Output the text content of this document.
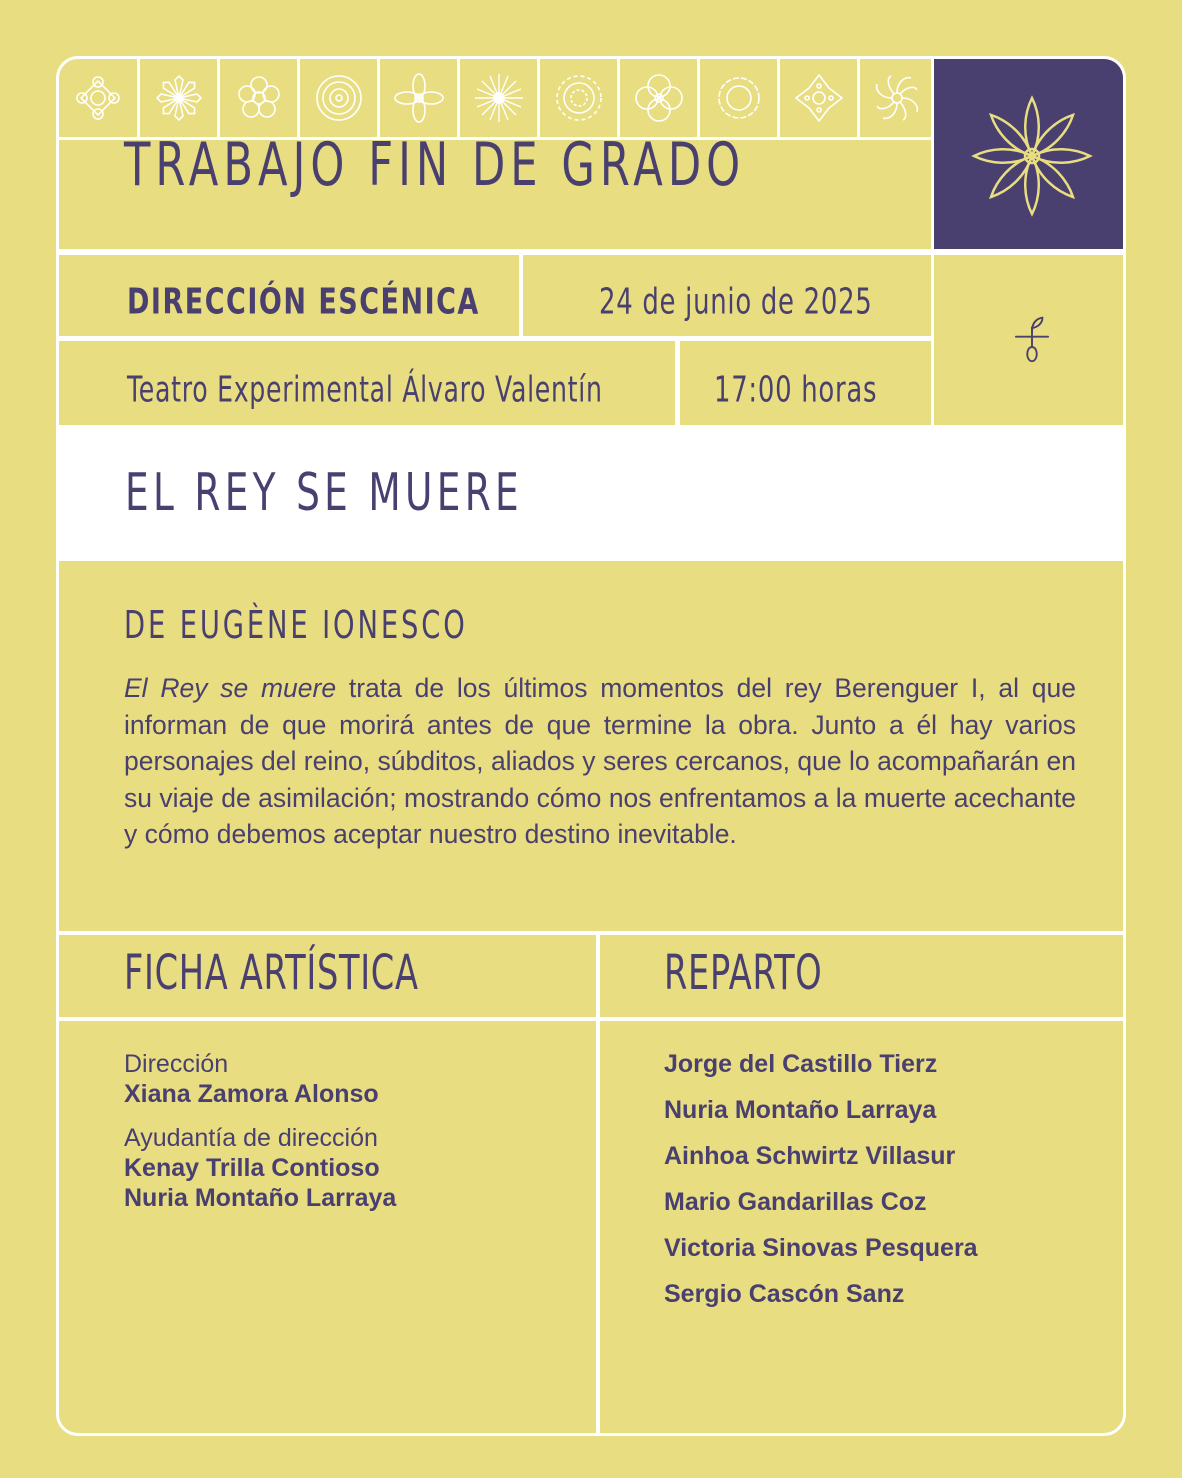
TRABAJO FIN DE GRADO
DIRECCIÓN ESCÉNICA	24 de junio de 2025
Teatro Experimental Álvaro Valentín	17:00 horas
EL REY SE MUERE
DE EUGÈNE IONESCO

El Rey se muere trata de los últimos momentos del rey Berenguer I, al que informan de que morirá antes de que termine la obra. Junto a él hay varios personajes del reino, súbditos, aliados y seres cercanos, que lo acompañarán en su viaje de asimilación; mostrando cómo nos enfrentamos a la muerte acechante y cómo debemos aceptar nuestro destino inevitable.

FICHA ARTÍSTICA	REPARTO
Dirección
Xiana Zamora Alonso
Ayudantía de dirección
Kenay Trilla Contioso
Nuria Montaño Larraya
Jorge del Castillo Tierz
Nuria Montaño Larraya
Ainhoa Schwirtz Villasur
Mario Gandarillas Coz
Victoria Sinovas Pesquera
Sergio Cascón Sanz
